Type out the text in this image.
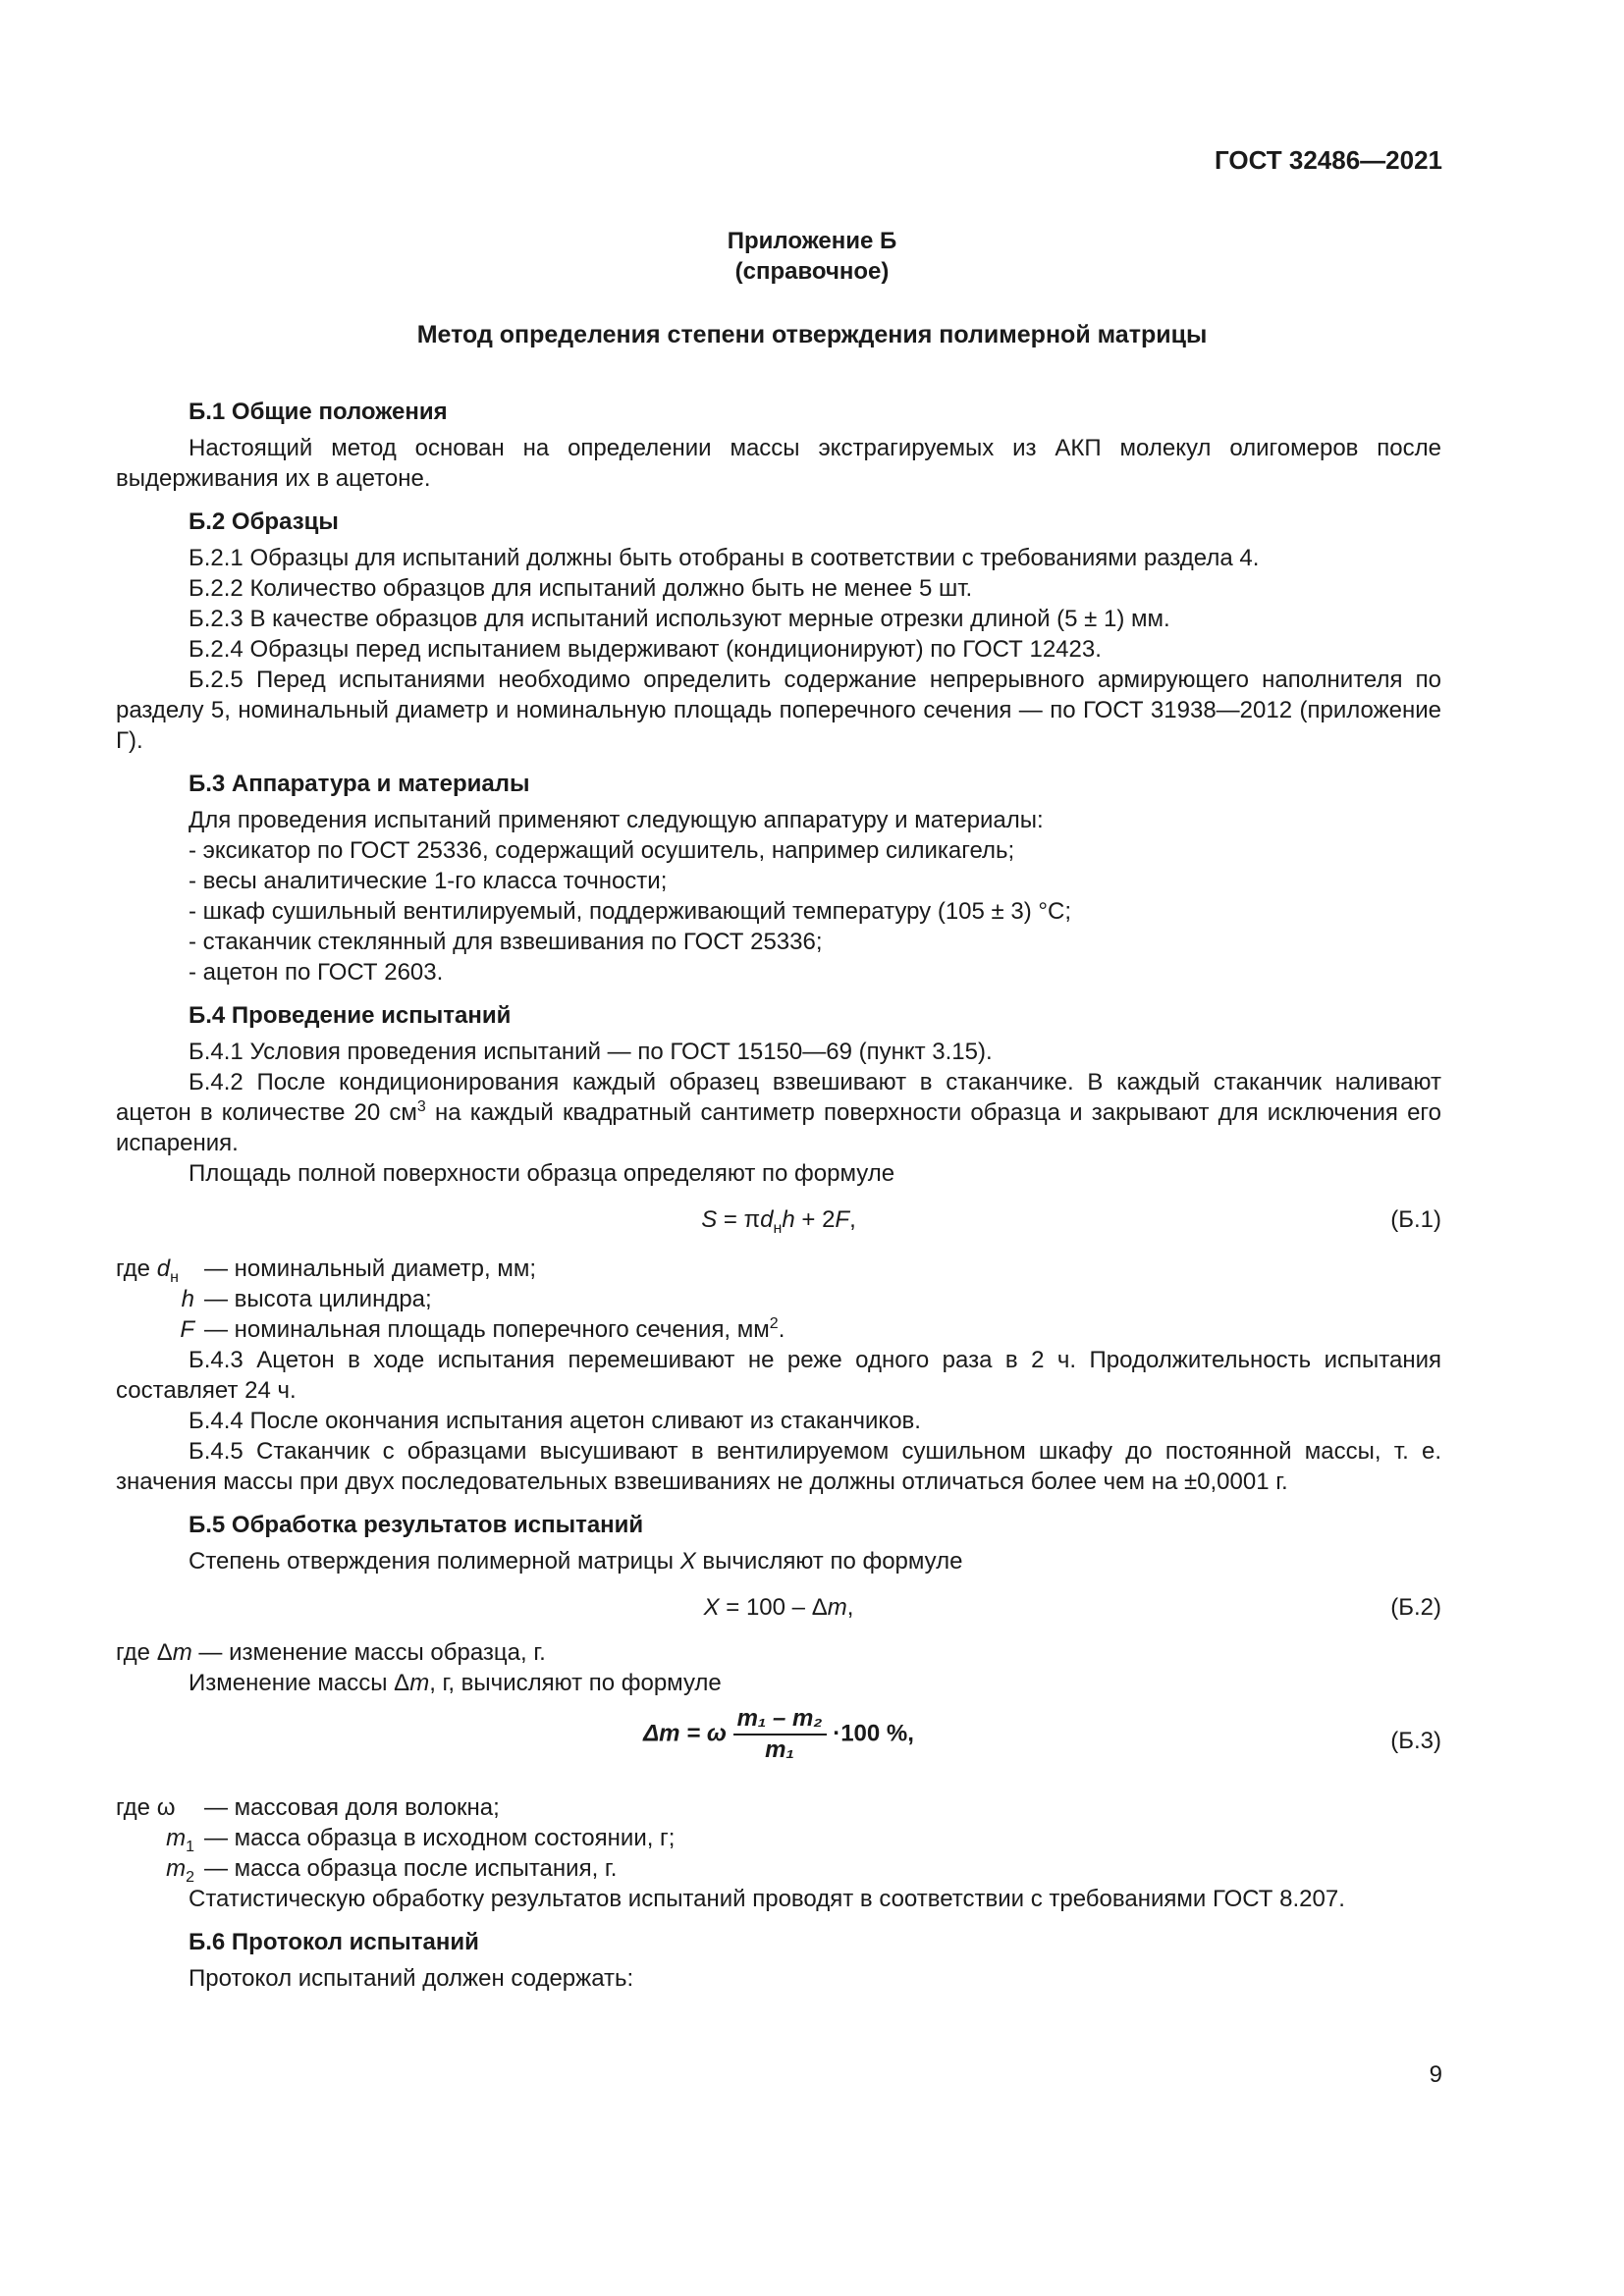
ГОСТ 32486—2021
Приложение Б
(справочное)
Метод определения степени отверждения полимерной матрицы
Б.1 Общие положения

Настоящий метод основан на определении массы экстрагируемых из АКП молекул олигомеров после выдерживания их в ацетоне.

Б.2 Образцы

Б.2.1 Образцы для испытаний должны быть отобраны в соответствии с требованиями раздела 4.

Б.2.2 Количество образцов для испытаний должно быть не менее 5 шт.

Б.2.3 В качестве образцов для испытаний используют мерные отрезки длиной (5 ± 1) мм.

Б.2.4 Образцы перед испытанием выдерживают (кондиционируют) по ГОСТ 12423.

Б.2.5 Перед испытаниями необходимо определить содержание непрерывного армирующего наполнителя по разделу 5, номинальный диаметр и номинальную площадь поперечного сечения — по ГОСТ 31938—2012 (приложение Г).

Б.3 Аппаратура и материалы

Для проведения испытаний применяют следующую аппаратуру и материалы:

- эксикатор по ГОСТ 25336, содержащий осушитель, например силикагель;

- весы аналитические 1-го класса точности;

- шкаф сушильный вентилируемый, поддерживающий температуру (105 ± 3) °С;

- стаканчик стеклянный для взвешивания по ГОСТ 25336;

- ацетон по ГОСТ 2603.

Б.4 Проведение испытаний

Б.4.1 Условия проведения испытаний — по ГОСТ 15150—69 (пункт 3.15).

Б.4.2 После кондиционирования каждый образец взвешивают в стаканчике. В каждый стаканчик наливают ацетон в количестве 20 $см^3$ на каждый квадратный сантиметр поверхности образца и закрывают для исключения его испарения.

Площадь полной поверхности образца определяют по формуле

$S = \pi d_нh + 2F$,	(Б.1)
где $d_н$	— номинальный диаметр, мм;
h — высота цилиндра;
F — номинальная площадь поперечного сечения, $мм^2$.

Б.4.3 Ацетон в ходе испытания перемешивают не реже одного раза в 2 ч. Продолжительность испытания составляет 24 ч.

Б.4.4 После окончания испытания ацетон сливают из стаканчиков.

Б.4.5 Стаканчик с образцами высушивают в вентилируемом сушильном шкафу до постоянной массы, т. е. значения массы при двух последовательных взвешиваниях не должны отличаться более чем на ±0,0001 г.

Б.5 Обработка результатов испытаний

Степень отверждения полимерной матрицы X вычисляют по формуле

X = 100 – Δm,	(Б.2)

где Δm — изменение массы образца, г.

Изменение массы Δm, г, вычисляют по формуле

Δm = ω $\frac{\text{m₁ – m₂}}{\text{m₁}} \cdot 100$ %,	(Б.3)
где ω	— массовая доля волокна;
$m_1$ — масса образца в исходном состоянии, г;
$m_2$ — масса образца после испытания, г.

Статистическую обработку результатов испытаний проводят в соответствии с требованиями ГОСТ 8.207.

Б.6 Протокол испытаний

Протокол испытаний должен содержать:

9
